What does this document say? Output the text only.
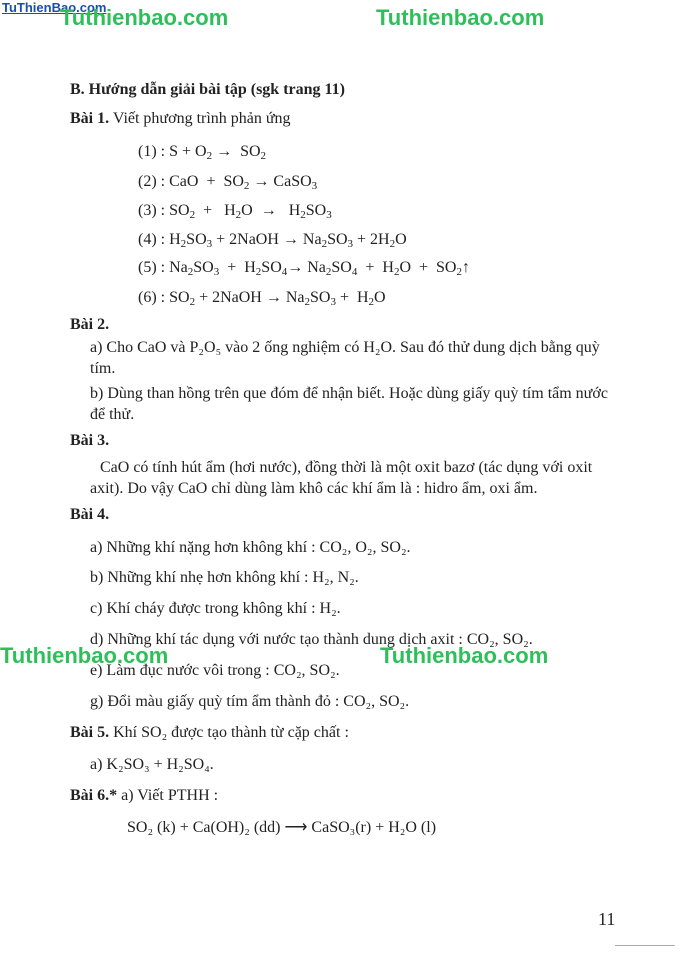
TuThienBao.com
Tuthienbao.com	Tuthienbao.com
Tuthienbao.com	Tuthienbao.com
B. Hướng dẫn giải bài tập (sgk trang 11)
Bài 1. Viết phương trình phản ứng
(1) : $S + O_2 \to SO_2$
(2) : CaO  +  $SO_2$ → CaSO$_3$
(3) : $SO_2 + H_2O \to H_2SO_3$
(4) : $H_2SO_3$ + 2NaOH → $Na_2SO_3 + 2H_2O$
(5) : $Na_2SO_3 + H_2SO_4\to Na_2SO_4 + H_2O$  +  $SO_2↑$
(6) : $SO_2$ + 2NaOH → $Na_2SO_3 + H_2O$
Bài 2.
a) Cho CaO và P₂O₅ vào 2 ống nghiệm có H₂O. Sau đó thử dung dịch bằng quỳ tím.
b) Dùng than hồng trên que đóm để nhận biết. Hoặc dùng giấy quỳ tím tẩm nước để thử.
Bài 3.
CaO có tính hút ẩm (hơi nước), đồng thời là một oxit bazơ (tác dụng với oxit axit). Do vậy CaO chỉ dùng làm khô các khí ẩm là : hidro ẩm, oxi ẩm.
Bài 4.
a) Những khí nặng hơn không khí : CO₂, O₂, SO₂.
b) Những khí nhẹ hơn không khí : H₂, N₂.
c) Khí cháy được trong không khí : H₂.
d) Những khí tác dụng với nước tạo thành dung dịch axit : CO₂, SO₂.
e) Làm đục nước vôi trong : CO₂, SO₂.
g) Đổi màu giấy quỳ tím ẩm thành đỏ : CO₂, SO₂.
Bài 5. Khí SO₂ được tạo thành từ cặp chất :
a) K₂SO₃ + H₂SO₄.
Bài 6.* a) Viết PTHH :
SO₂ (k) + Ca(OH)₂ (dd) ⟶ CaSO₃(r) + H₂O (l)
11
